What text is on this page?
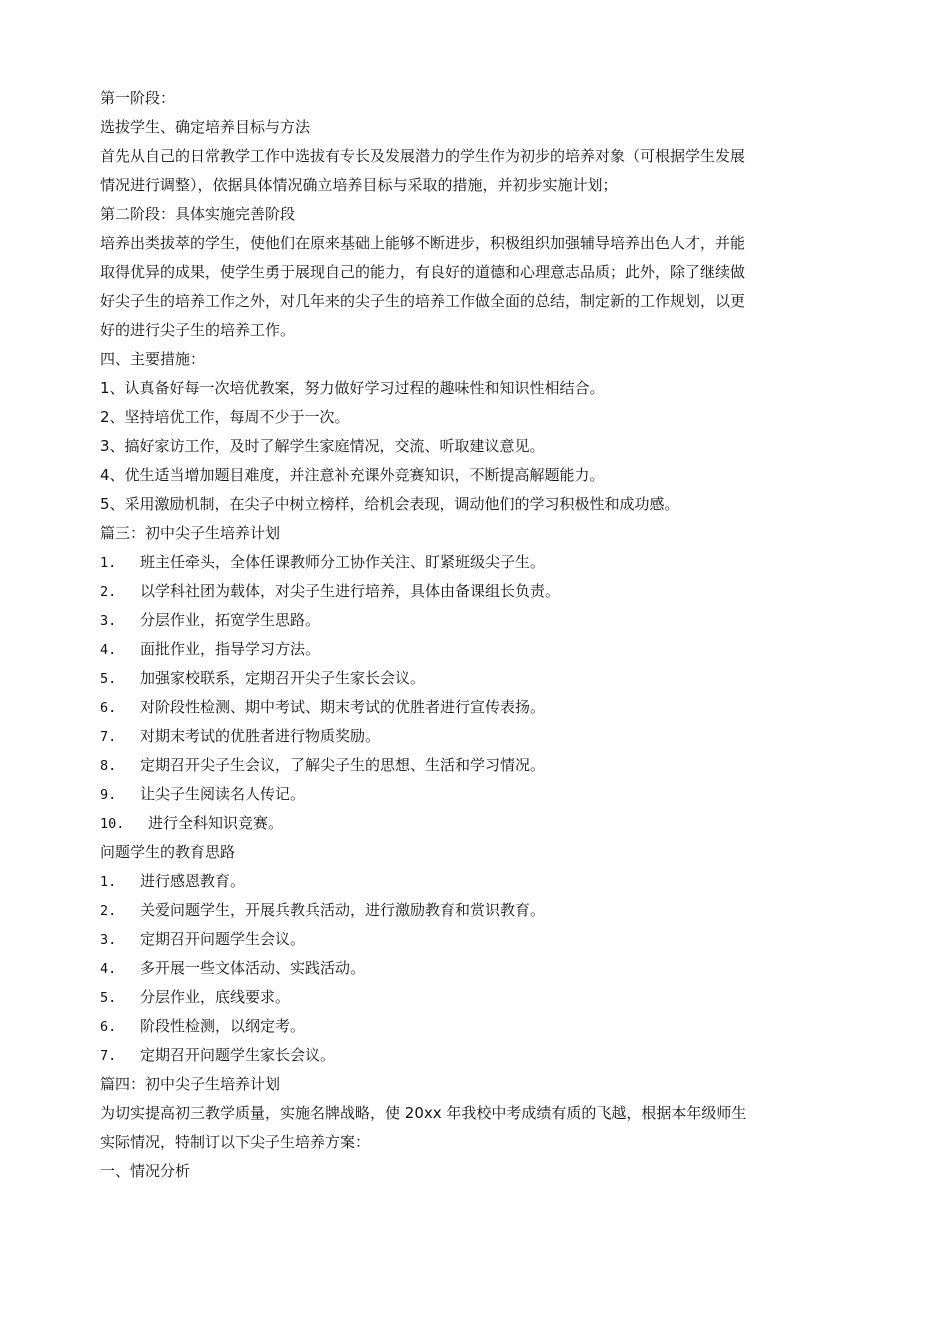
第一阶段：
选拔学生、确定培养目标与方法
首先从自己的日常教学工作中选拔有专长及发展潜力的学生作为初步的培养对象（可根据学生发展
情况进行调整），依据具体情况确立培养目标与采取的措施，并初步实施计划；
第二阶段：具体实施完善阶段
培养出类拔萃的学生，使他们在原来基础上能够不断进步，积极组织加强辅导培养出色人才，并能
取得优异的成果，使学生勇于展现自己的能力，有良好的道德和心理意志品质；此外，除了继续做
好尖子生的培养工作之外，对几年来的尖子生的培养工作做全面的总结，制定新的工作规划，以更
好的进行尖子生的培养工作。
四、主要措施：
1、认真备好每一次培优教案，努力做好学习过程的趣味性和知识性相结合。
2、坚持培优工作，每周不少于一次。
3、搞好家访工作，及时了解学生家庭情况，交流、听取建议意见。
4、优生适当增加题目难度，并注意补充课外竞赛知识，不断提高解题能力。
5、采用激励机制，在尖子中树立榜样，给机会表现，调动他们的学习积极性和成功感。
篇三：初中尖子生培养计划
1. 班主任牵头，全体任课教师分工协作关注、盯紧班级尖子生。
2. 以学科社团为载体，对尖子生进行培养，具体由备课组长负责。
3. 分层作业，拓宽学生思路。
4. 面批作业，指导学习方法。
5. 加强家校联系，定期召开尖子生家长会议。
6. 对阶段性检测、期中考试、期末考试的优胜者进行宣传表扬。
7. 对期末考试的优胜者进行物质奖励。
8. 定期召开尖子生会议，了解尖子生的思想、生活和学习情况。
9. 让尖子生阅读名人传记。
10. 进行全科知识竞赛。
问题学生的教育思路
1. 进行感恩教育。
2. 关爱问题学生，开展兵教兵活动，进行激励教育和赏识教育。
3. 定期召开问题学生会议。
4. 多开展一些文体活动、实践活动。
5. 分层作业，底线要求。
6. 阶段性检测，以纲定考。
7. 定期召开问题学生家长会议。
篇四：初中尖子生培养计划
为切实提高初三教学质量，实施名牌战略，使 20xx 年我校中考成绩有质的飞越，根据本年级师生
实际情况，特制订以下尖子生培养方案：
一、情况分析
